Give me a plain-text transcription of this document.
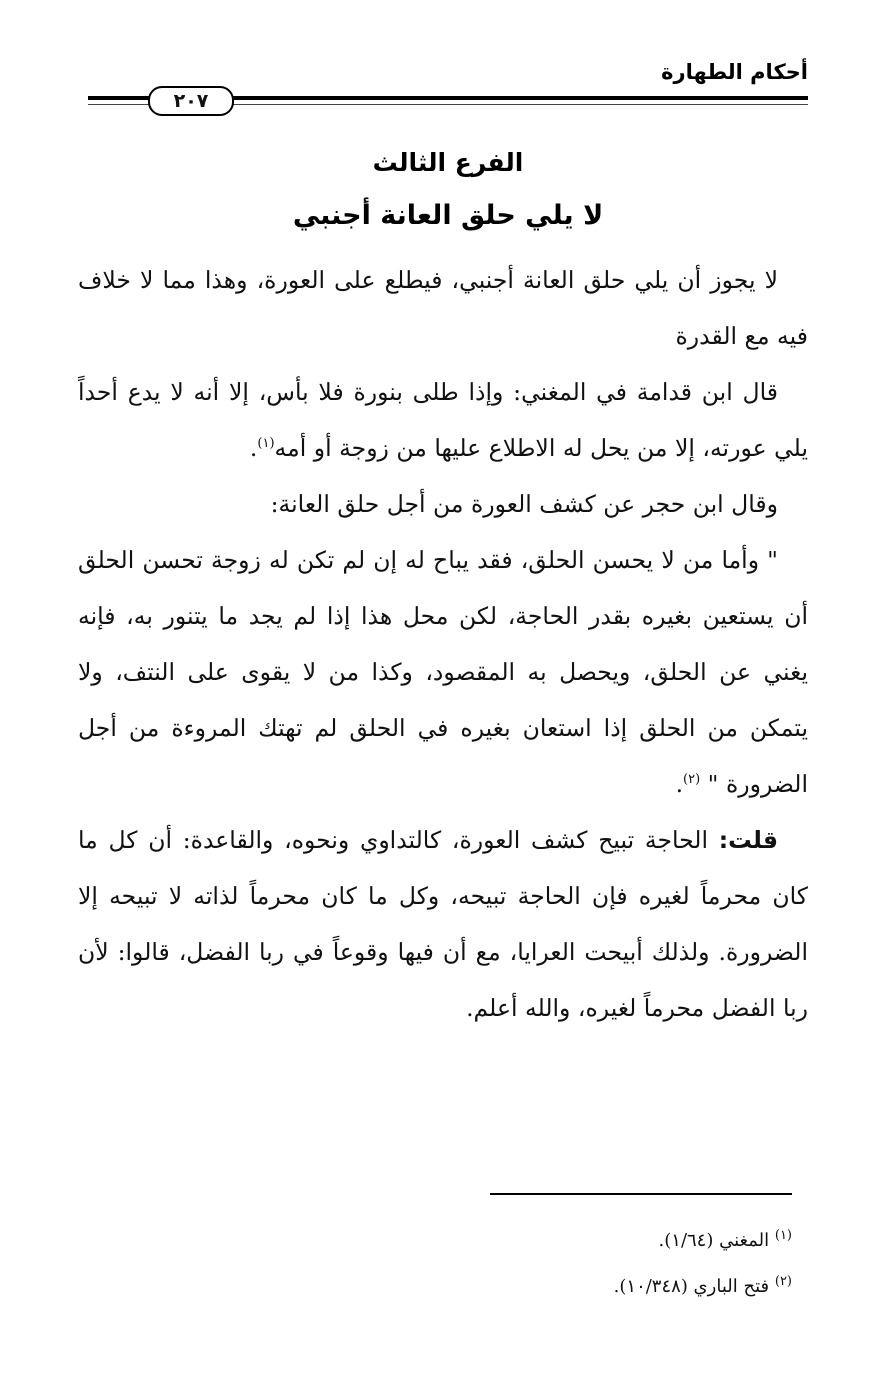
أحكام الطهارة
٢٠٧
الفرع الثالث
لا يلي حلق العانة أجنبي

لا يجوز أن يلي حلق العانة أجنبي، فيطلع على العورة، وهذا مما لا خلاف فيه مع القدرة

قال ابن قدامة في المغني: وإذا طلى بنورة فلا بأس، إلا أنه لا يدع أحداً يلي عورته، إلا من يحل له الاطلاع عليها من زوجة أو أمه$^{(١)}$.

وقال ابن حجر عن كشف العورة من أجل حلق العانة:

" وأما من لا يحسن الحلق، فقد يباح له إن لم تكن له زوجة تحسن الحلق أن يستعين بغيره بقدر الحاجة، لكن محل هذا إذا لم يجد ما يتنور به، فإنه يغني عن الحلق، ويحصل به المقصود، وكذا من لا يقوى على النتف، ولا يتمكن من الحلق إذا استعان بغيره في الحلق لم تهتك المروءة من أجل الضرورة " $^{(٢)}$.

قلت: الحاجة تبيح كشف العورة، كالتداوي ونحوه، والقاعدة: أن كل ما كان محرماً لغيره فإن الحاجة تبيحه، وكل ما كان محرماً لذاته لا تبيحه إلا الضرورة. ولذلك أبيحت العرايا، مع أن فيها وقوعاً في ربا الفضل، قالوا: لأن ربا الفضل محرماً لغيره، والله أعلم.

$^{(١)}$ المغني (١/٦٤).

$^{(٢)}$ فتح الباري (١٠/٣٤٨).
